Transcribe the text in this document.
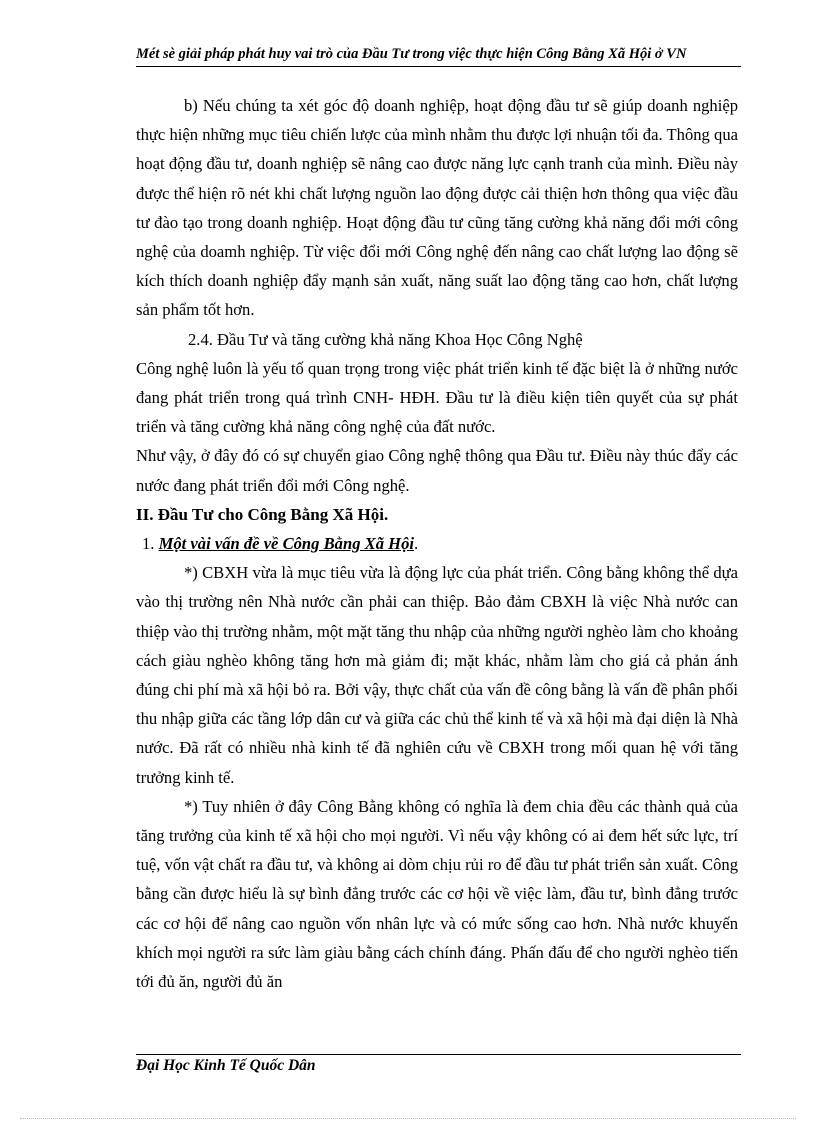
Mét sè giải pháp phát huy vai trò của Đầu Tư trong việc thực hiện Công Bằng Xã Hội ở VN

b) Nếu chúng ta xét góc độ doanh nghiệp, hoạt động đầu tư sẽ giúp doanh nghiệp thực hiện những mục tiêu chiến lược của mình nhằm thu được lợi nhuận tối đa. Thông qua hoạt động đầu tư, doanh nghiệp sẽ nâng cao được năng lực cạnh tranh của mình. Điều này được thể hiện rõ nét khi chất lượng nguồn lao động được cải thiện hơn thông qua việc đầu tư đào tạo trong doanh nghiệp. Hoạt động đầu tư cũng tăng cường khả năng đổi mới công nghệ của doamh nghiệp. Từ việc đổi mới Công nghệ đến nâng cao chất lượng lao động sẽ kích thích doanh nghiệp đẩy mạnh sản xuất, năng suất lao động tăng cao hơn, chất lượng sản phẩm tốt hơn.

2.4. Đầu Tư và tăng cường khả năng Khoa Học Công Nghệ

Công nghệ luôn là yếu tố quan trọng trong việc phát triển kinh tế đặc biệt là ở những nước đang phát triển trong quá trình CNH- HĐH. Đầu tư là điều kiện tiên quyết của sự phát triển và tăng cường khả năng công nghệ của đất nước.

Như vậy, ở đây đó có sự chuyển giao Công nghệ thông qua Đầu tư. Điều này thúc đẩy các nước đang phát triển đổi mới Công nghệ.

II. Đầu Tư cho Công Bằng Xã Hội.
1. Một vài vấn đề về Công Bằng Xã Hội.

*) CBXH vừa là mục tiêu vừa là động lực của phát triển. Công bằng không thể dựa vào thị trường nên Nhà nước cần phải can thiệp. Bảo đảm CBXH là việc Nhà nước can thiệp vào thị trường nhằm, một mặt tăng thu nhập của những người nghèo làm cho khoảng cách giàu nghèo không tăng hơn mà giảm đi; mặt khác, nhằm làm cho giá cả phản ánh đúng chi phí mà xã hội bỏ ra. Bởi vậy, thực chất của vấn đề công bằng là vấn đề phân phối thu nhập giữa các tầng lớp dân cư và giữa các chủ thể kinh tế và xã hội mà đại diện là Nhà nước. Đã rất có nhiều nhà kinh tế đã nghiên cứu về CBXH trong mối quan hệ với tăng trưởng kinh tế.

*) Tuy nhiên ở đây Công Bằng không có nghĩa là đem chia đều các thành quả của tăng trưởng của kinh tế xã hội cho mọi người. Vì nếu vậy không có ai đem hết sức lực, trí tuệ, vốn vật chất ra đầu tư, và không ai dòm chịu rủi ro để đầu tư phát triển sản xuất. Công bằng cần được hiểu là sự bình đẳng trước các cơ hội về việc làm, đầu tư, bình đẳng trước các cơ hội để nâng cao nguồn vốn nhân lực và có mức sống cao hơn. Nhà nước khuyến khích mọi người ra sức làm giàu bằng cách chính đáng. Phấn đấu để cho người nghèo tiến tới đủ ăn, người đủ ăn

Đại Học Kinh Tế Quốc Dân
